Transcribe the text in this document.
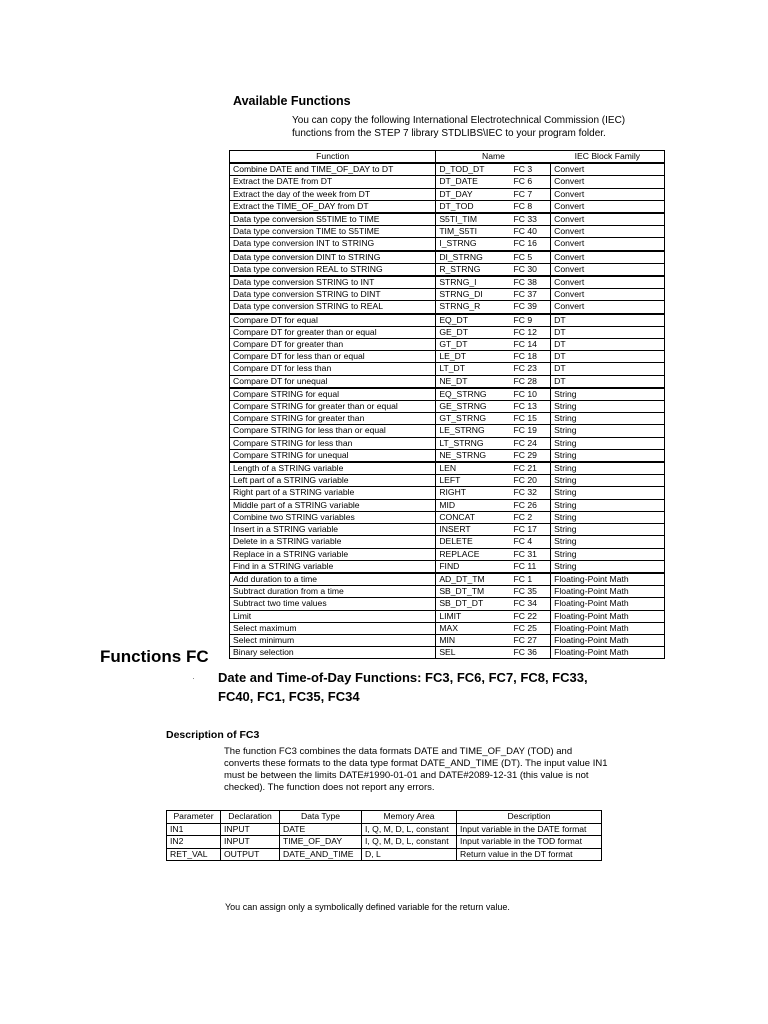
Available Functions
You can copy the following International Electrotechnical Commission (IEC) functions from the STEP 7 library STDLIBS\IEC to your program folder.
Function	Name		IEC Block Family
Combine DATE and TIME_OF_DAY to DT	D_TOD_DT	FC 3	Convert
Extract the DATE from DT	DT_DATE	FC 6	Convert
Extract the day of the week from DT	DT_DAY	FC 7	Convert
Extract the TIME_OF_DAY from DT	DT_TOD	FC 8	Convert
Data type conversion S5TIME to TIME	S5TI_TIM	FC 33	Convert
Data type conversion TIME to S5TIME	TIM_S5TI	FC 40	Convert
Data type conversion INT to STRING	I_STRNG	FC 16	Convert
Data type conversion DINT to STRING	DI_STRNG	FC 5	Convert
Data type conversion REAL to STRING	R_STRNG	FC 30	Convert
Data type conversion STRING to INT	STRNG_I	FC 38	Convert
Data type conversion STRING to DINT	STRNG_DI	FC 37	Convert
Data type conversion STRING to REAL	STRNG_R	FC 39	Convert
Compare DT for equal	EQ_DT	FC 9	DT
Compare DT for greater than or equal	GE_DT	FC 12	DT
Compare DT for greater than	GT_DT	FC 14	DT
Compare DT for less than or equal	LE_DT	FC 18	DT
Compare DT for less than	LT_DT	FC 23	DT
Compare DT for unequal	NE_DT	FC 28	DT
Compare STRING for equal	EQ_STRNG	FC 10	String
Compare STRING for greater than or equal	GE_STRNG	FC 13	String
Compare STRING for greater than	GT_STRNG	FC 15	String
Compare STRING for less than or equal	LE_STRNG	FC 19	String
Compare STRING for less than	LT_STRNG	FC 24	String
Compare STRING for unequal	NE_STRNG	FC 29	String
Length of a STRING variable	LEN	FC 21	String
Left part of a STRING variable	LEFT	FC 20	String
Right part of a STRING variable	RIGHT	FC 32	String
Middle part of a STRING variable	MID	FC 26	String
Combine two STRING variables	CONCAT	FC 2	String
Insert in a STRING variable	INSERT	FC 17	String
Delete in a STRING variable	DELETE	FC 4	String
Replace in a STRING variable	REPLACE	FC 31	String
Find in a STRING variable	FIND	FC 11	String
Add duration to a time	AD_DT_TM	FC 1	Floating-Point Math
Subtract duration from a time	SB_DT_TM	FC 35	Floating-Point Math
Subtract two time values	SB_DT_DT	FC 34	Floating-Point Math
Limit	LIMIT	FC 22	Floating-Point Math
Select maximum	MAX	FC 25	Floating-Point Math
Select minimum	MIN	FC 27	Floating-Point Math
Binary selection	SEL	FC 36	Floating-Point Math
Functions FC
· Date and Time-of-Day Functions: FC3, FC6, FC7, FC8, FC33, FC40, FC1, FC35, FC34
Description of FC3
The function FC3 combines the data formats DATE and TIME_OF_DAY (TOD) and converts these formats to the data type format DATE_AND_TIME (DT). The input value IN1 must be between the limits DATE#1990-01-01 and DATE#2089-12-31 (this value is not checked). The function does not report any errors.
Parameter	Declaration	Data Type	Memory Area	Description
IN1	INPUT	DATE	I, Q, M, D, L, constant	Input variable in the DATE format
IN2	INPUT	TIME_OF_DAY	I, Q, M, D, L, constant	Input variable in the TOD format
RET_VAL	OUTPUT	DATE_AND_TIME	D, L	Return value in the DT format
You can assign only a symbolically defined variable for the return value.
